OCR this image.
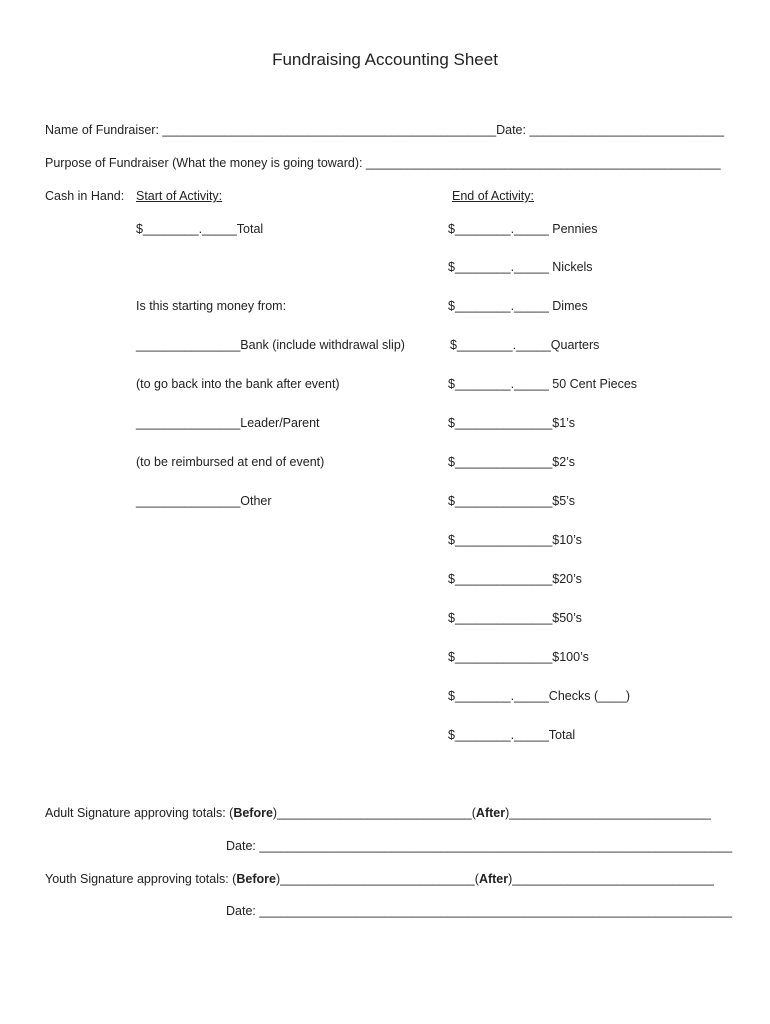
Fundraising Accounting Sheet
Name of Fundraiser: ________________________________________________Date: ____________________________
Purpose of Fundraiser (What the money is going toward): ___________________________________________________
Cash in Hand: Start of Activity:	End of Activity:
$________._____Total
Is this starting money from:
_______________Bank (include withdrawal slip)
(to go back into the bank after event)
_______________Leader/Parent
(to be reimbursed at end of event)
_______________Other
$________._____ Pennies
$________._____ Nickels
$________._____ Dimes
$________._____Quarters
$________._____ 50 Cent Pieces
$______________$1’s
$______________$2’s
$______________$5’s
$______________$10’s
$______________$20’s
$______________$50’s
$______________$100’s
$________._____Checks (____)
$________._____Total
Adult Signature approving totals: (Before)____________________________(After)_____________________________
Date: ____________________________________________________________________
Youth Signature approving totals: (Before)____________________________(After)_____________________________
Date: ____________________________________________________________________
